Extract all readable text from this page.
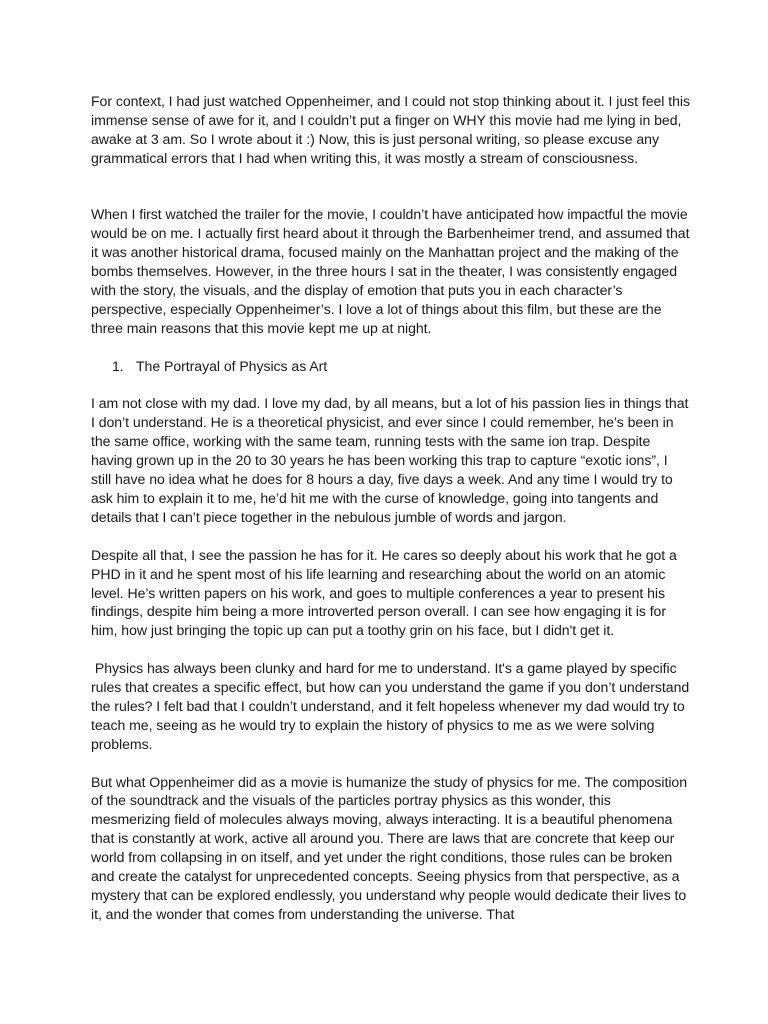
For context, I had just watched Oppenheimer, and I could not stop thinking about it. I just feel this immense sense of awe for it, and I couldn’t put a finger on WHY this movie had me lying in bed, awake at 3 am. So I wrote about it :) Now, this is just personal writing, so please excuse any grammatical errors that I had when writing this, it was mostly a stream of consciousness.

When I first watched the trailer for the movie, I couldn’t have anticipated how impactful the movie would be on me. I actually first heard about it through the Barbenheimer trend, and assumed that it was another historical drama, focused mainly on the Manhattan project and the making of the bombs themselves. However, in the three hours I sat in the theater, I was consistently engaged with the story, the visuals, and the display of emotion that puts you in each character’s perspective, especially Oppenheimer’s. I love a lot of things about this film, but these are the three main reasons that this movie kept me up at night.

1. The Portrayal of Physics as Art

I am not close with my dad. I love my dad, by all means, but a lot of his passion lies in things that I don’t understand. He is a theoretical physicist, and ever since I could remember, he’s been in the same office, working with the same team, running tests with the same ion trap. Despite having grown up in the 20 to 30 years he has been working this trap to capture “exotic ions”, I still have no idea what he does for 8 hours a day, five days a week. And any time I would try to ask him to explain it to me, he’d hit me with the curse of knowledge, going into tangents and details that I can’t piece together in the nebulous jumble of words and jargon.

Despite all that, I see the passion he has for it. He cares so deeply about his work that he got a PHD in it and he spent most of his life learning and researching about the world on an atomic level. He’s written papers on his work, and goes to multiple conferences a year to present his findings, despite him being a more introverted person overall. I can see how engaging it is for him, how just bringing the topic up can put a toothy grin on his face, but I didn't get it.

Physics has always been clunky and hard for me to understand. It's a game played by specific rules that creates a specific effect, but how can you understand the game if you don’t understand the rules? I felt bad that I couldn’t understand, and it felt hopeless whenever my dad would try to teach me, seeing as he would try to explain the history of physics to me as we were solving problems.

But what Oppenheimer did as a movie is humanize the study of physics for me. The composition of the soundtrack and the visuals of the particles portray physics as this wonder, this mesmerizing field of molecules always moving, always interacting. It is a beautiful phenomena that is constantly at work, active all around you. There are laws that are concrete that keep our world from collapsing in on itself, and yet under the right conditions, those rules can be broken and create the catalyst for unprecedented concepts. Seeing physics from that perspective, as a mystery that can be explored endlessly, you understand why people would dedicate their lives to it, and the wonder that comes from understanding the universe. That
